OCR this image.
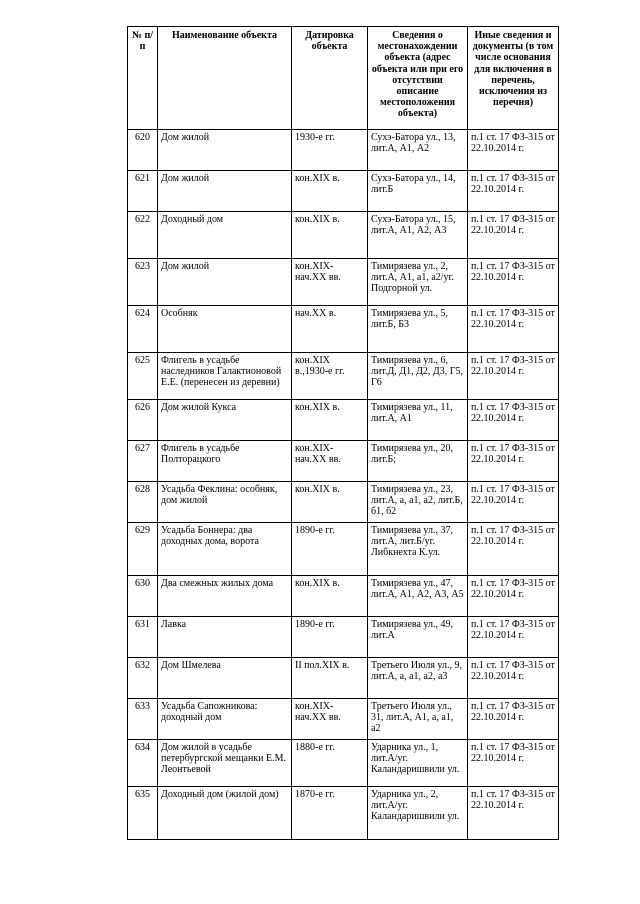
№ п/п	Наименование объекта	Датировка объекта	Сведения о местонахождении объекта (адрес объекта или при его отсутствии описание местоположения объекта)	Иные сведения и документы (в том числе основания для включения в перечень, исключения из перечня)
620	Дом жилой	1930-е гг.	Сухэ-Батора ул., 13, лит.А, А1, А2	п.1 ст. 17 ФЗ-315 от 22.10.2014 г.
621	Дом жилой	кон.XIX в.	Сухэ-Батора ул., 14, лит.Б	п.1 ст. 17 ФЗ-315 от 22.10.2014 г.
622	Доходный дом	кон.XIX в.	Сухэ-Батора ул., 15, лит.А, А1, А2, А3	п.1 ст. 17 ФЗ-315 от 22.10.2014 г.
623	Дом жилой	кон.XIX-нач.XX вв.	Тимирязева ул., 2, лит.А, А1, а1, а2/уг. Подгорной ул.	п.1 ст. 17 ФЗ-315 от 22.10.2014 г.
624	Особняк	нач.XX в.	Тимирязева ул., 5, лит.Б, Б3	п.1 ст. 17 ФЗ-315 от 22.10.2014 г.
625	Флигель в усадьбе наследников Галактионовой Е.Е. (перенесен из деревни)	кон.XIX в.,1930-е гг.	Тимирязева ул., 6, лит.Д, Д1, Д2, Д3, Г5, Г6	п.1 ст. 17 ФЗ-315 от 22.10.2014 г.
626	Дом жилой Кукса	кон.XIX в.	Тимирязева ул., 11, лит.А, А1	п.1 ст. 17 ФЗ-315 от 22.10.2014 г.
627	Флигель в усадьбе Полторацкого	кон.XIX-нач.XX вв.	Тимирязева ул., 20, лит.Б;	п.1 ст. 17 ФЗ-315 от 22.10.2014 г.
628	Усадьба Феклина: особняк, дом жилой	кон.XIX в.	Тимирязева ул., 23, лит.А, а, а1, а2, лит.Б, б1, б2	п.1 ст. 17 ФЗ-315 от 22.10.2014 г.
629	Усадьба Боннера: два доходных дома, ворота	1890-е гг.	Тимирязева ул., 37, лит.А, лит.Б/уг. Либкнехта К.ул.	п.1 ст. 17 ФЗ-315 от 22.10.2014 г.
630	Два смежных жилых дома	кон.XIX в.	Тимирязева ул., 47, лит.А, А1, А2, А3, А5	п.1 ст. 17 ФЗ-315 от 22.10.2014 г.
631	Лавка	1890-е гг.	Тимирязева ул., 49, лит.А	п.1 ст. 17 ФЗ-315 от 22.10.2014 г.
632	Дом Шмелева	II пол.XIX в.	Третьего Июля ул., 9, лит.А, а, а1, а2, а3	п.1 ст. 17 ФЗ-315 от 22.10.2014 г.
633	Усадьба Сапожникова: доходный дом	кон.XIX-нач.XX вв.	Третьего Июля ул., 31, лит.А, А1, а, а1, а2	п.1 ст. 17 ФЗ-315 от 22.10.2014 г.
634	Дом жилой в усадьбе петербургской мещанки Е.М. Леонтьевой	1880-е гг.	Ударника ул., 1, лит.А/уг. Каландаришвили ул.	п.1 ст. 17 ФЗ-315 от 22.10.2014 г.
635	Доходный дом (жилой дом)	1870-е гг.	Ударника ул., 2, лит.А/уг. Каландаришвили ул.	п.1 ст. 17 ФЗ-315 от 22.10.2014 г.
